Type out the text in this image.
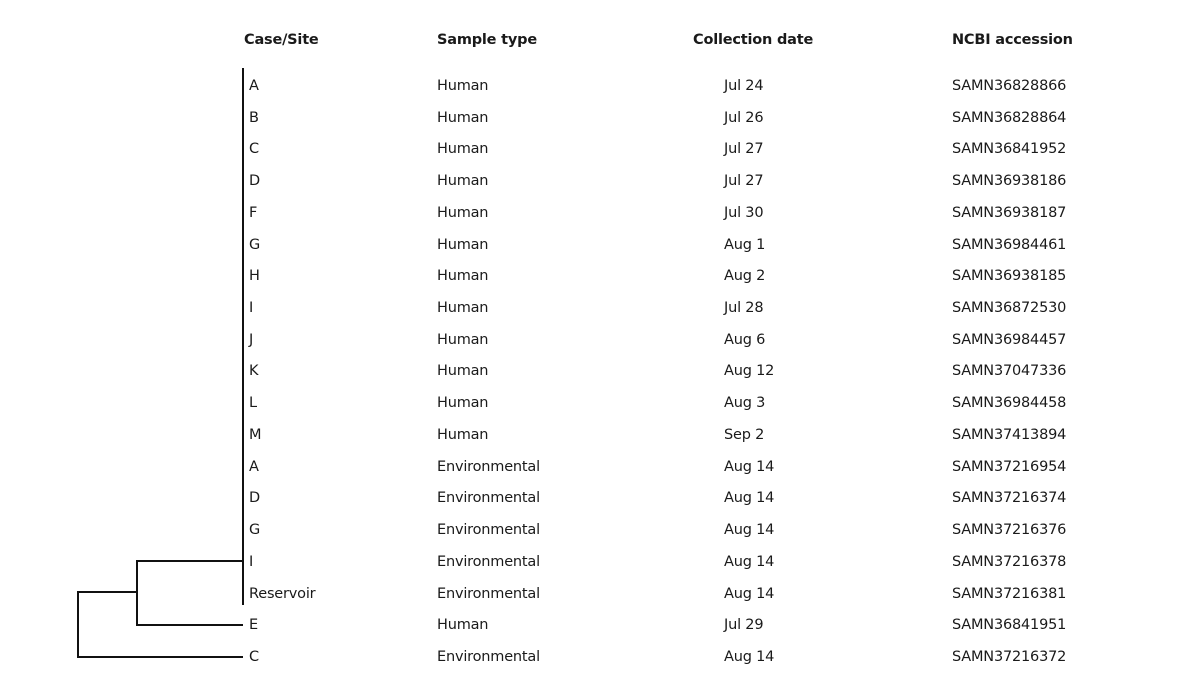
Case/Site	Sample type	Collection date	NCBI accession
A	Human	Jul 24	SAMN36828866
B	Human	Jul 26	SAMN36828864
C	Human	Jul 27	SAMN36841952
D	Human	Jul 27	SAMN36938186
F	Human	Jul 30	SAMN36938187
G	Human	Aug 1	SAMN36984461
H	Human	Aug 2	SAMN36938185
I	Human	Jul 28	SAMN36872530
J	Human	Aug 6	SAMN36984457
K	Human	Aug 12	SAMN37047336
L	Human	Aug 3	SAMN36984458
M	Human	Sep 2	SAMN37413894
A	Environmental	Aug 14	SAMN37216954
D	Environmental	Aug 14	SAMN37216374
G	Environmental	Aug 14	SAMN37216376
I	Environmental	Aug 14	SAMN37216378
Reservoir	Environmental	Aug 14	SAMN37216381
E	Human	Jul 29	SAMN36841951
C	Environmental	Aug 14	SAMN37216372
